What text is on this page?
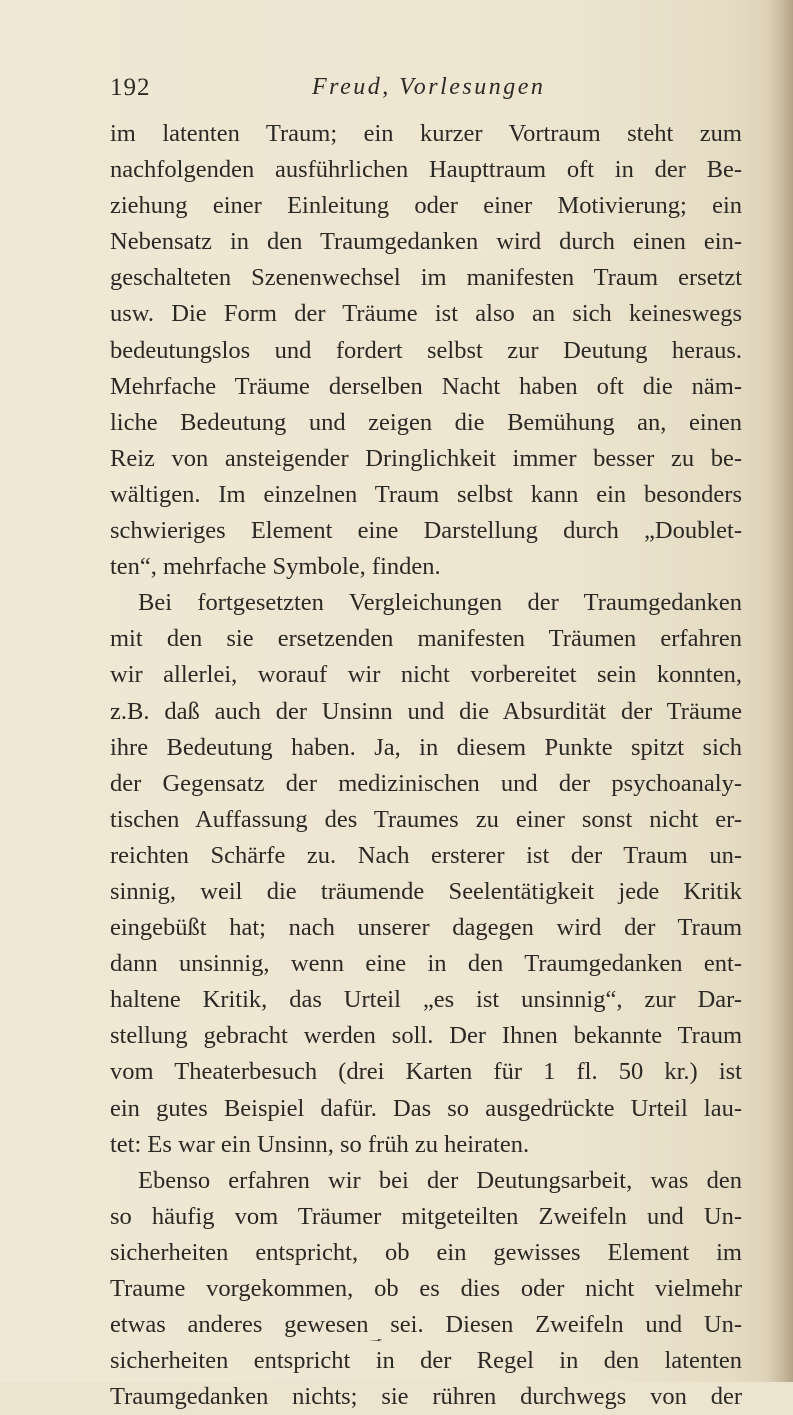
192	Freud, Vorlesungen
im latenten Traum; ein kurzer Vortraum steht zum
nachfolgenden ausführlichen Haupttraum oft in der Be-
ziehung einer Einleitung oder einer Motivierung; ein
Nebensatz in den Traumgedanken wird durch einen ein-
geschalteten Szenenwechsel im manifesten Traum ersetzt
usw. Die Form der Träume ist also an sich keineswegs
bedeutungslos und fordert selbst zur Deutung heraus.
Mehrfache Träume derselben Nacht haben oft die näm-
liche Bedeutung und zeigen die Bemühung an, einen
Reiz von ansteigender Dringlichkeit immer besser zu be-
wältigen. Im einzelnen Traum selbst kann ein besonders
schwieriges Element eine Darstellung durch „Doublet-
ten“, mehrfache Symbole, finden.
Bei fortgesetzten Vergleichungen der Traumgedanken
mit den sie ersetzenden manifesten Träumen erfahren
wir allerlei, worauf wir nicht vorbereitet sein konnten,
z.B. daß auch der Unsinn und die Absurdität der Träume
ihre Bedeutung haben. Ja, in diesem Punkte spitzt sich
der Gegensatz der medizinischen und der psychoanaly-
tischen Auffassung des Traumes zu einer sonst nicht er-
reichten Schärfe zu. Nach ersterer ist der Traum un-
sinnig, weil die träumende Seelentätigkeit jede Kritik
eingebüßt hat; nach unserer dagegen wird der Traum
dann unsinnig, wenn eine in den Traumgedanken ent-
haltene Kritik, das Urteil „es ist unsinnig“, zur Dar-
stellung gebracht werden soll. Der Ihnen bekannte Traum
vom Theaterbesuch (drei Karten für 1 fl. 50 kr.) ist
ein gutes Beispiel dafür. Das so ausgedrückte Urteil lau-
tet: Es war ein Unsinn, so früh zu heiraten.
Ebenso erfahren wir bei der Deutungsarbeit, was den
so häufig vom Träumer mitgeteilten Zweifeln und Un-
sicherheiten entspricht, ob ein gewisses Element im
Traume vorgekommen, ob es dies oder nicht vielmehr
etwas anderes gewesen sei. Diesen Zweifeln und Un-
sicherheiten entspricht in der Regel in den latenten
Traumgedanken nichts; sie rühren durchwegs von der
